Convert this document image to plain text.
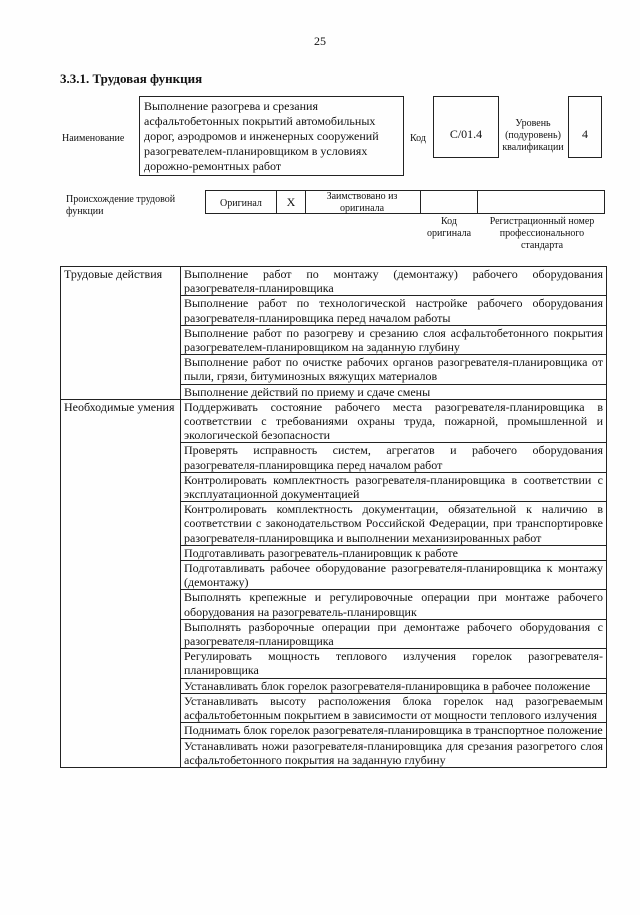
25
3.3.1. Трудовая функция
Наименование
Выполнение разогрева и срезания асфальтобетонных покрытий автомобильных дорог, аэродромов и инженерных сооружений разогревателем-планировщиком в условиях дорожно-ремонтных работ
Код	C/01.4
Уровень (подуровень) квалификации
4
Происхождение трудовой функции
Оригинал	X	Заимствовано из оригинала
Код оригинала
Регистрационный номер профессионального стандарта
Трудовые действия	Выполнение работ по монтажу (демонтажу) рабочего оборудования разогревателя-планировщика
	Выполнение работ по технологической настройке рабочего оборудования разогревателя-планировщика перед началом работы
	Выполнение работ по разогреву и срезанию слоя асфальтобетонного покрытия разогревателем-планировщиком на заданную глубину
	Выполнение работ по очистке рабочих органов разогревателя-планировщика от пыли, грязи, битуминозных вяжущих материалов
	Выполнение действий по приему и сдаче смены
Необходимые умения	Поддерживать состояние рабочего места разогревателя-планировщика в соответствии с требованиями охраны труда, пожарной, промышленной и экологической безопасности
	Проверять исправность систем, агрегатов и рабочего оборудования разогревателя-планировщика перед началом работ
	Контролировать комплектность разогревателя-планировщика в соответствии с эксплуатационной документацией
	Контролировать комплектность документации, обязательной к наличию в соответствии с законодательством Российской Федерации, при транспортировке разогревателя-планировщика и выполнении механизированных работ
	Подготавливать разогреватель-планировщик к работе
	Подготавливать рабочее оборудование разогревателя-планировщика к монтажу (демонтажу)
	Выполнять крепежные и регулировочные операции при монтаже рабочего оборудования на разогреватель-планировщик
	Выполнять разборочные операции при демонтаже рабочего оборудования с разогревателя-планировщика
	Регулировать мощность теплового излучения горелок разогревателя-планировщика
	Устанавливать блок горелок разогревателя-планировщика в рабочее положение
	Устанавливать высоту расположения блока горелок над разогреваемым асфальтобетонным покрытием в зависимости от мощности теплового излучения
	Поднимать блок горелок разогревателя-планировщика в транспортное положение
	Устанавливать ножи разогревателя-планировщика для срезания разогретого слоя асфальтобетонного покрытия на заданную глубину
